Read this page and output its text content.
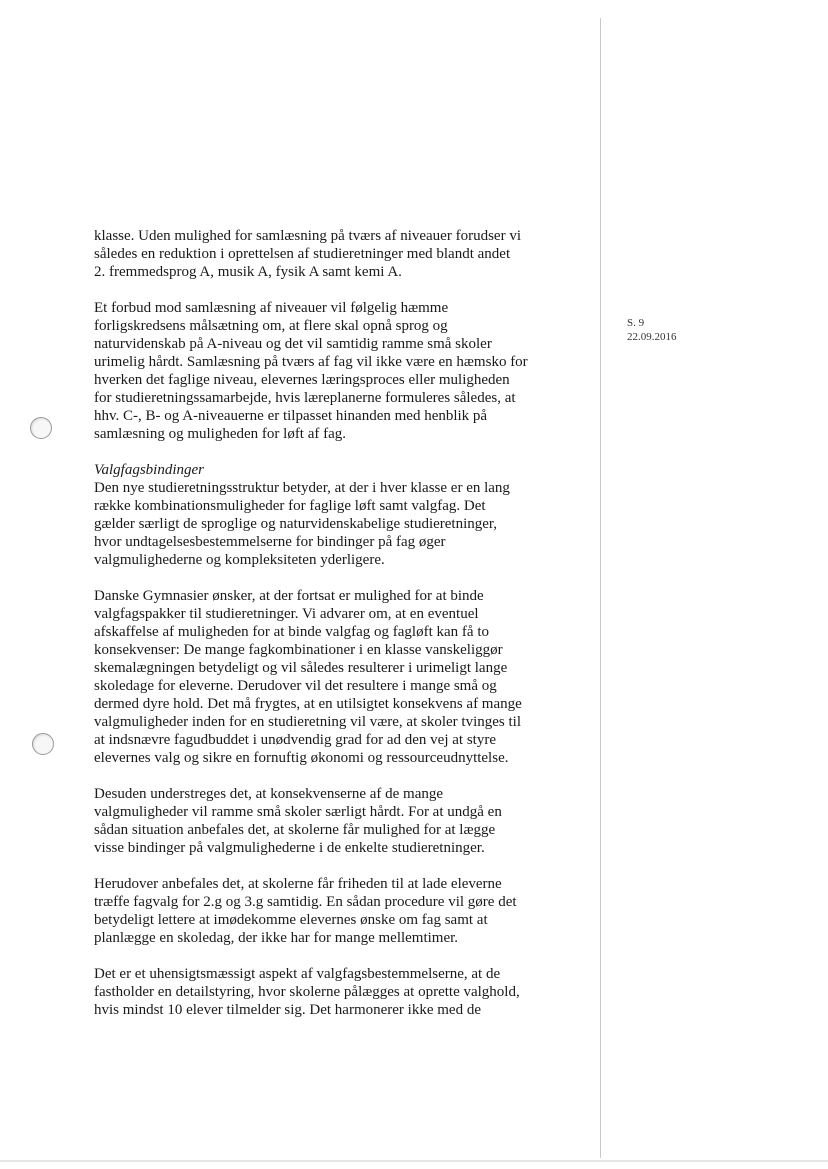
S. 9
22.09.2016
klasse. Uden mulighed for samlæsning på tværs af niveauer forudser vi
således en reduktion i oprettelsen af studieretninger med blandt andet
2. fremmedsprog A, musik A, fysik A samt kemi A.
Et forbud mod samlæsning af niveauer vil følgelig hæmme
forligskredsens målsætning om, at flere skal opnå sprog og
naturvidenskab på A-niveau og det vil samtidig ramme små skoler
urimelig hårdt. Samlæsning på tværs af fag vil ikke være en hæmsko for
hverken det faglige niveau, elevernes læringsproces eller muligheden
for studieretningssamarbejde, hvis læreplanerne formuleres således, at
hhv. C-, B- og A-niveauerne er tilpasset hinanden med henblik på
samlæsning og muligheden for løft af fag.
Valgfagsbindinger
Den nye studieretningsstruktur betyder, at der i hver klasse er en lang
række kombinationsmuligheder for faglige løft samt valgfag. Det
gælder særligt de sproglige og naturvidenskabelige studieretninger,
hvor undtagelsesbestemmelserne for bindinger på fag øger
valgmulighederne og kompleksiteten yderligere.
Danske Gymnasier ønsker, at der fortsat er mulighed for at binde
valgfagspakker til studieretninger. Vi advarer om, at en eventuel
afskaffelse af muligheden for at binde valgfag og fagløft kan få to
konsekvenser: De mange fagkombinationer i en klasse vanskeliggør
skemalægningen betydeligt og vil således resulterer i urimeligt lange
skoledage for eleverne. Derudover vil det resultere i mange små og
dermed dyre hold. Det må frygtes, at en utilsigtet konsekvens af mange
valgmuligheder inden for en studieretning vil være, at skoler tvinges til
at indsnævre fagudbuddet i unødvendig grad for ad den vej at styre
elevernes valg og sikre en fornuftig økonomi og ressourceudnyttelse.
Desuden understreges det, at konsekvenserne af de mange
valgmuligheder vil ramme små skoler særligt hårdt. For at undgå en
sådan situation anbefales det, at skolerne får mulighed for at lægge
visse bindinger på valgmulighederne i de enkelte studieretninger.
Herudover anbefales det, at skolerne får friheden til at lade eleverne
træffe fagvalg for 2.g og 3.g samtidig. En sådan procedure vil gøre det
betydeligt lettere at imødekomme elevernes ønske om fag samt at
planlægge en skoledag, der ikke har for mange mellemtimer.
Det er et uhensigtsmæssigt aspekt af valgfagsbestemmelserne, at de
fastholder en detailstyring, hvor skolerne pålægges at oprette valghold,
hvis mindst 10 elever tilmelder sig. Det harmonerer ikke med de
